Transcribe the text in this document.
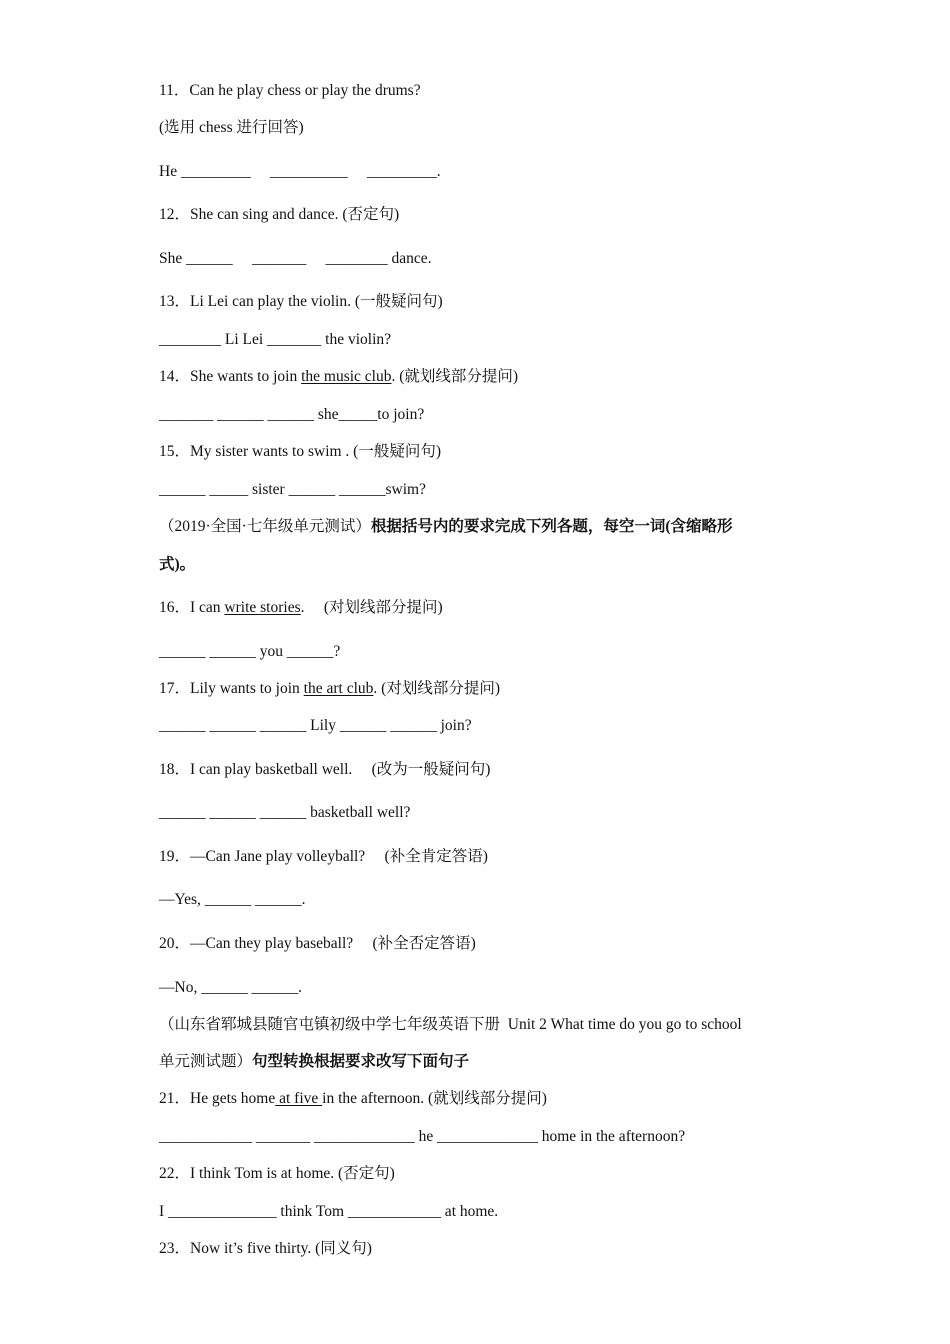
11．Can he play chess or play the drums?
(选用 chess 进行回答)
He _________     __________     _________.
12．She can sing and dance. (否定句)
She ______     _______     ________ dance.
13．Li Lei can play the violin. (一般疑问句)
________ Li Lei _______ the violin?
14．She wants to join the music club. (就划线部分提问)
_______ ______ ______ she_____to join?
15．My sister wants to swim . (一般疑问句)
______ _____ sister ______ ______swim?
（2019·全国·七年级单元测试）根据括号内的要求完成下列各题，每空一词(含缩略形
式)。
16．I can write stories.     (对划线部分提问)
______ ______ you ______?
17．Lily wants to join the art club. (对划线部分提问)
______ ______ ______ Lily ______ ______ join?
18．I can play basketball well.     (改为一般疑问句)
______ ______ ______ basketball well?
19．—Can Jane play volleyball?     (补全肯定答语)
—Yes, ______ ______.
20．—Can they play baseball?     (补全否定答语)
—No, ______ ______.
（山东省郓城县随官屯镇初级中学七年级英语下册  Unit 2 What time do you go to school
单元测试题）句型转换根据要求改写下面句子
21．He gets home at five in the afternoon. (就划线部分提问)
____________ _______ _____________ he _____________ home in the afternoon?
22．I think Tom is at home. (否定句)
I ______________ think Tom ____________ at home.
23．Now it’s five thirty. (同义句)
